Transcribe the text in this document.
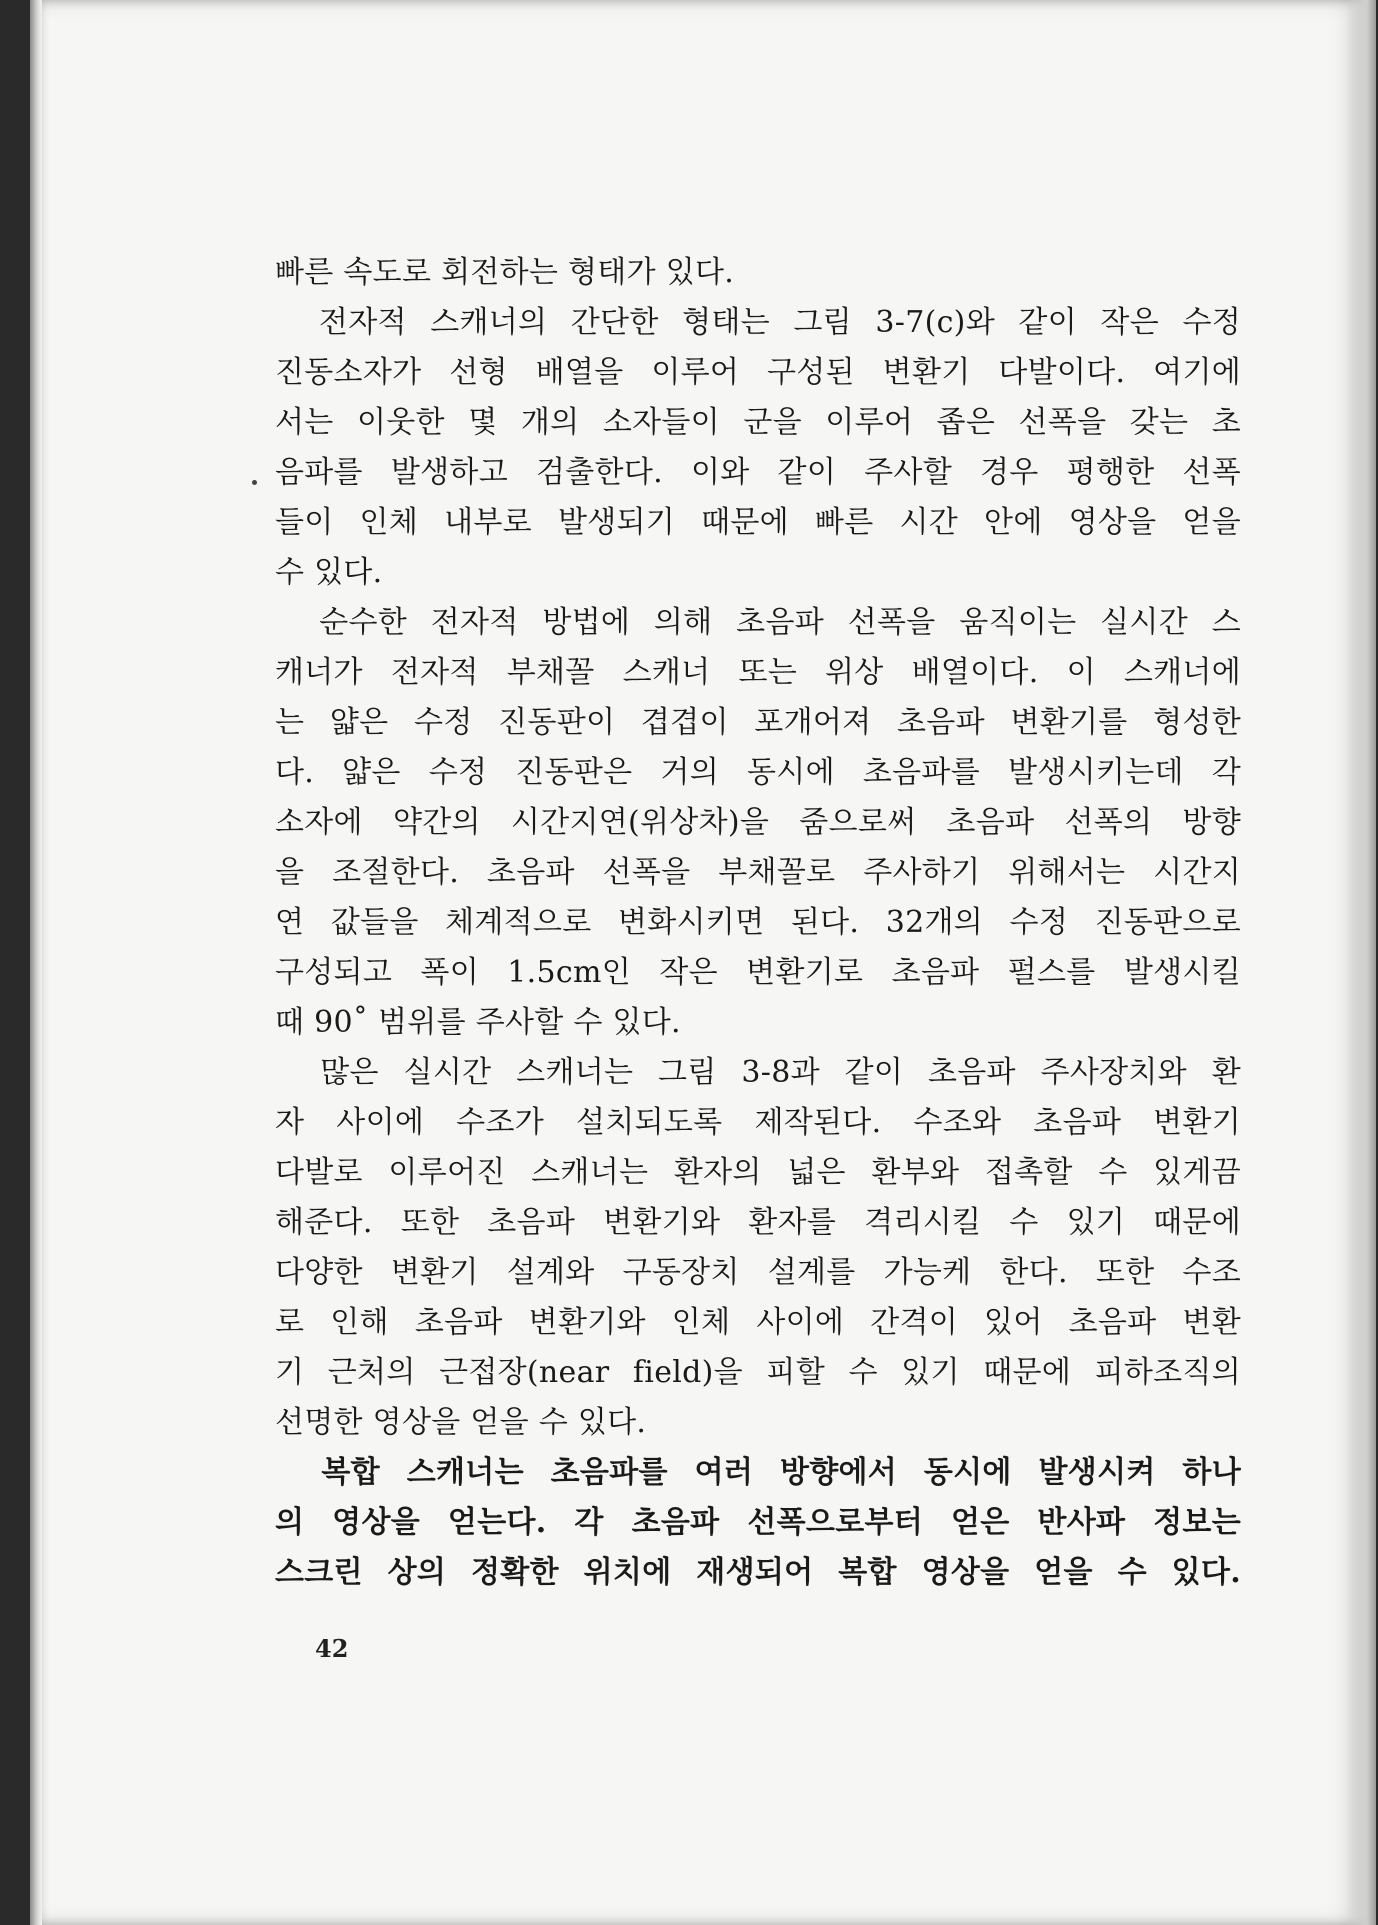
빠른 속도로 회전하는 형태가 있다.
　전자적 스캐너의 간단한 형태는 그림 3-7(c)와 같이 작은 수정
진동소자가 선형 배열을 이루어 구성된 변환기 다발이다. 여기에
서는 이웃한 몇 개의 소자들이 군을 이루어 좁은 선폭을 갖는 초
음파를 발생하고 검출한다. 이와 같이 주사할 경우 평행한 선폭
들이 인체 내부로 발생되기 때문에 빠른 시간 안에 영상을 얻을
수 있다.
　순수한 전자적 방법에 의해 초음파 선폭을 움직이는 실시간 스
캐너가 전자적 부채꼴 스캐너 또는 위상 배열이다. 이 스캐너에
는 얇은 수정 진동판이 겹겹이 포개어져 초음파 변환기를 형성한
다. 얇은 수정 진동판은 거의 동시에 초음파를 발생시키는데 각
소자에 약간의 시간지연(위상차)을 줌으로써 초음파 선폭의 방향
을 조절한다. 초음파 선폭을 부채꼴로 주사하기 위해서는 시간지
연 값들을 체계적으로 변화시키면 된다. 32개의 수정 진동판으로
구성되고 폭이 1.5cm인 작은 변환기로 초음파 펄스를 발생시킬
때 90˚ 범위를 주사할 수 있다.
　많은 실시간 스캐너는 그림 3-8과 같이 초음파 주사장치와 환
자 사이에 수조가 설치되도록 제작된다. 수조와 초음파 변환기
다발로 이루어진 스캐너는 환자의 넓은 환부와 접촉할 수 있게끔
해준다. 또한 초음파 변환기와 환자를 격리시킬 수 있기 때문에
다양한 변환기 설계와 구동장치 설계를 가능케 한다. 또한 수조
로 인해 초음파 변환기와 인체 사이에 간격이 있어 초음파 변환
기 근처의 근접장(near field)을 피할 수 있기 때문에 피하조직의
선명한 영상을 얻을 수 있다.
　복합 스캐너는 초음파를 여러 방향에서 동시에 발생시켜 하나
의 영상을 얻는다. 각 초음파 선폭으로부터 얻은 반사파 정보는
스크린 상의 정확한 위치에 재생되어 복합 영상을 얻을 수 있다.
42
